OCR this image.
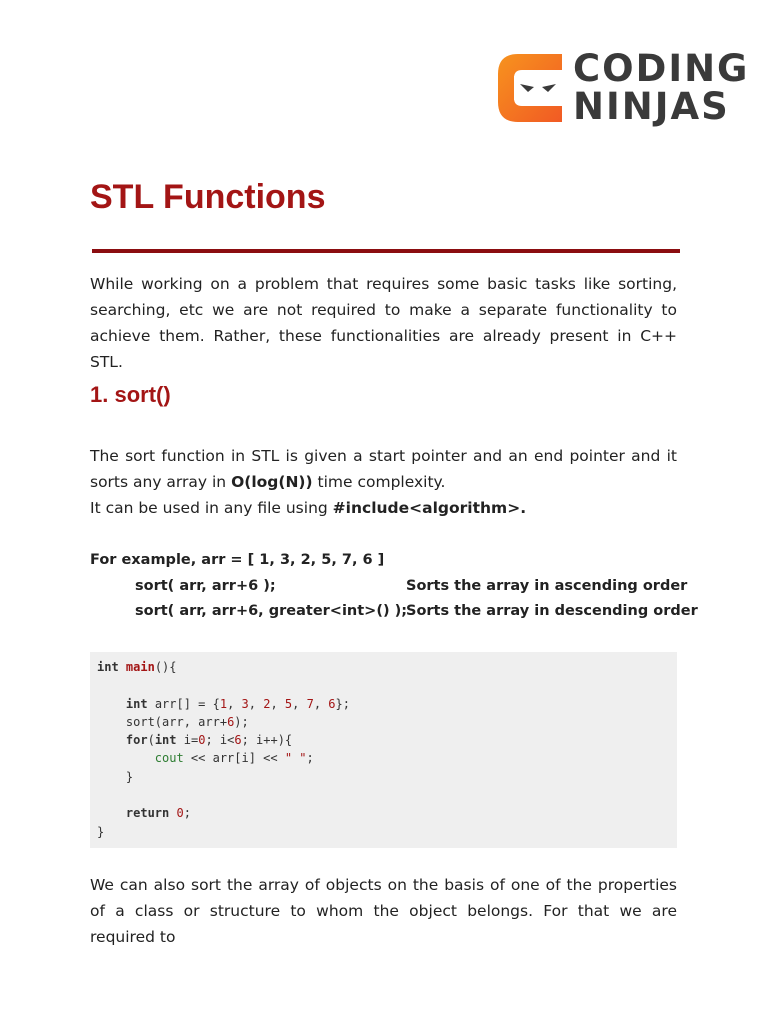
CODING
NINJAS
STL Functions

While working on a problem that requires some basic tasks like sorting, searching, etc we are not required to make a separate functionality to achieve them. Rather, these functionalities are already present in C++ STL.

1. sort()

The sort function in STL is given a start pointer and an end pointer and it sorts any array in O(log(N)) time complexity.
It can be used in any file using #include<algorithm>.

For example, arr = [ 1, 3, 2, 5, 7, 6 ]
sort( arr, arr+6 );	Sorts the array in ascending order
sort( arr, arr+6, greater<int>() );
Sorts the array in descending order
int main(){

int arr[] = {1, 3, 2, 5, 7, 6};
sort(arr, arr+6);
for(int i=0; i<6; i++){
cout << arr[i] << " ";
}

return 0;
}

We can also sort the array of objects on the basis of one of the properties of a class or structure to whom the object belongs. For that we are required to
